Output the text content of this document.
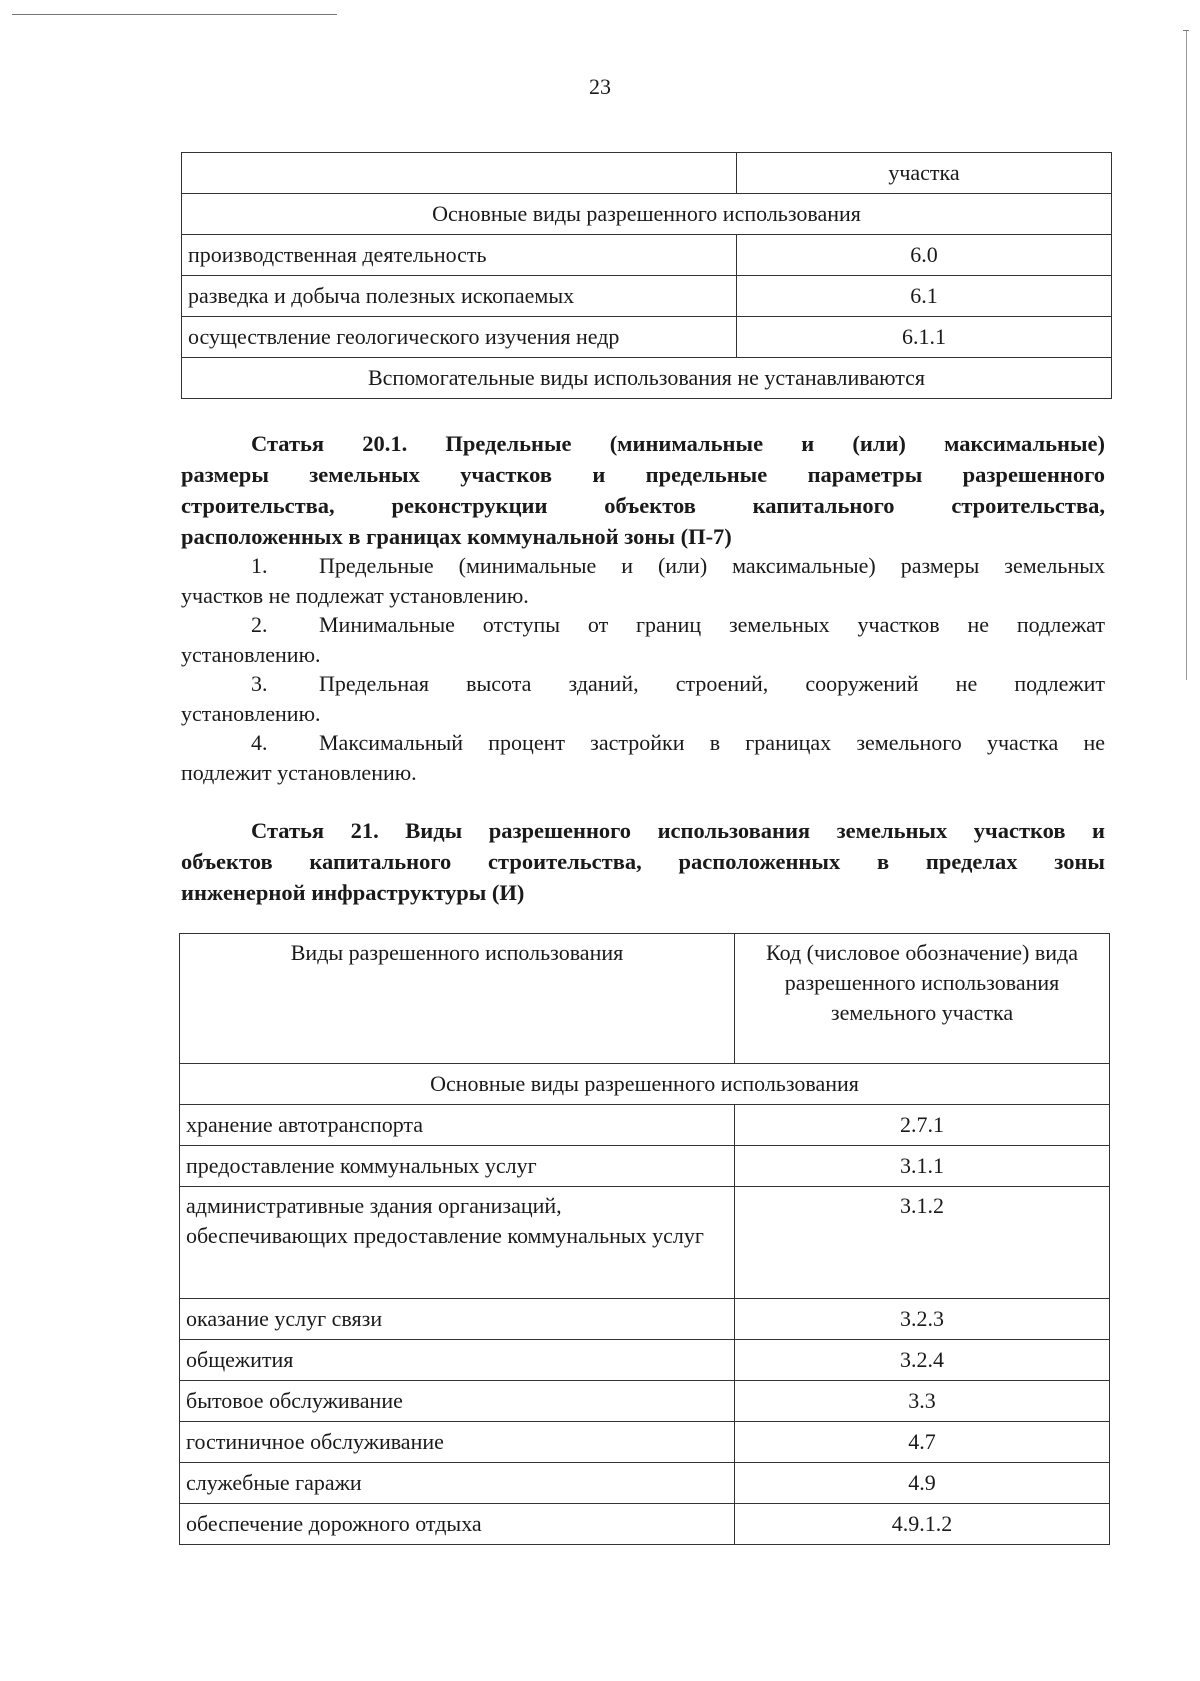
23
	участка
Основные виды разрешенного использования	
производственная деятельность	6.0
разведка и добыча полезных ископаемых	6.1
осуществление геологического изучения недр	6.1.1
Вспомогательные виды использования не устанавливаются	
Статья 20.1. Предельные (минимальные и (или) максимальные)
размеры земельных участков и предельные параметры разрешенного
строительства, реконструкции объектов капитального строительства,
расположенных в границах коммунальной зоны (П-7)
1. Предельные (минимальные и (или) максимальные) размеры земельных
участков не подлежат установлению.
2. Минимальные отступы от границ земельных участков не подлежат
установлению.
3. Предельная высота зданий, строений, сооружений не подлежит
установлению.
4. Максимальный процент застройки в границах земельного участка не
подлежит установлению.
Статья 21. Виды разрешенного использования земельных участков и
объектов капитального строительства, расположенных в пределах зоны
инженерной инфраструктуры (И)
Виды разрешенного использования	Код (числовое обозначение) вида разрешенного использования земельного участка
Основные виды разрешенного использования	
хранение автотранспорта	2.7.1
предоставление коммунальных услуг	3.1.1
административные здания организаций, обеспечивающих предоставление коммунальных услуг	3.1.2
оказание услуг связи	3.2.3
общежития	3.2.4
бытовое обслуживание	3.3
гостиничное обслуживание	4.7
служебные гаражи	4.9
обеспечение дорожного отдыха	4.9.1.2
